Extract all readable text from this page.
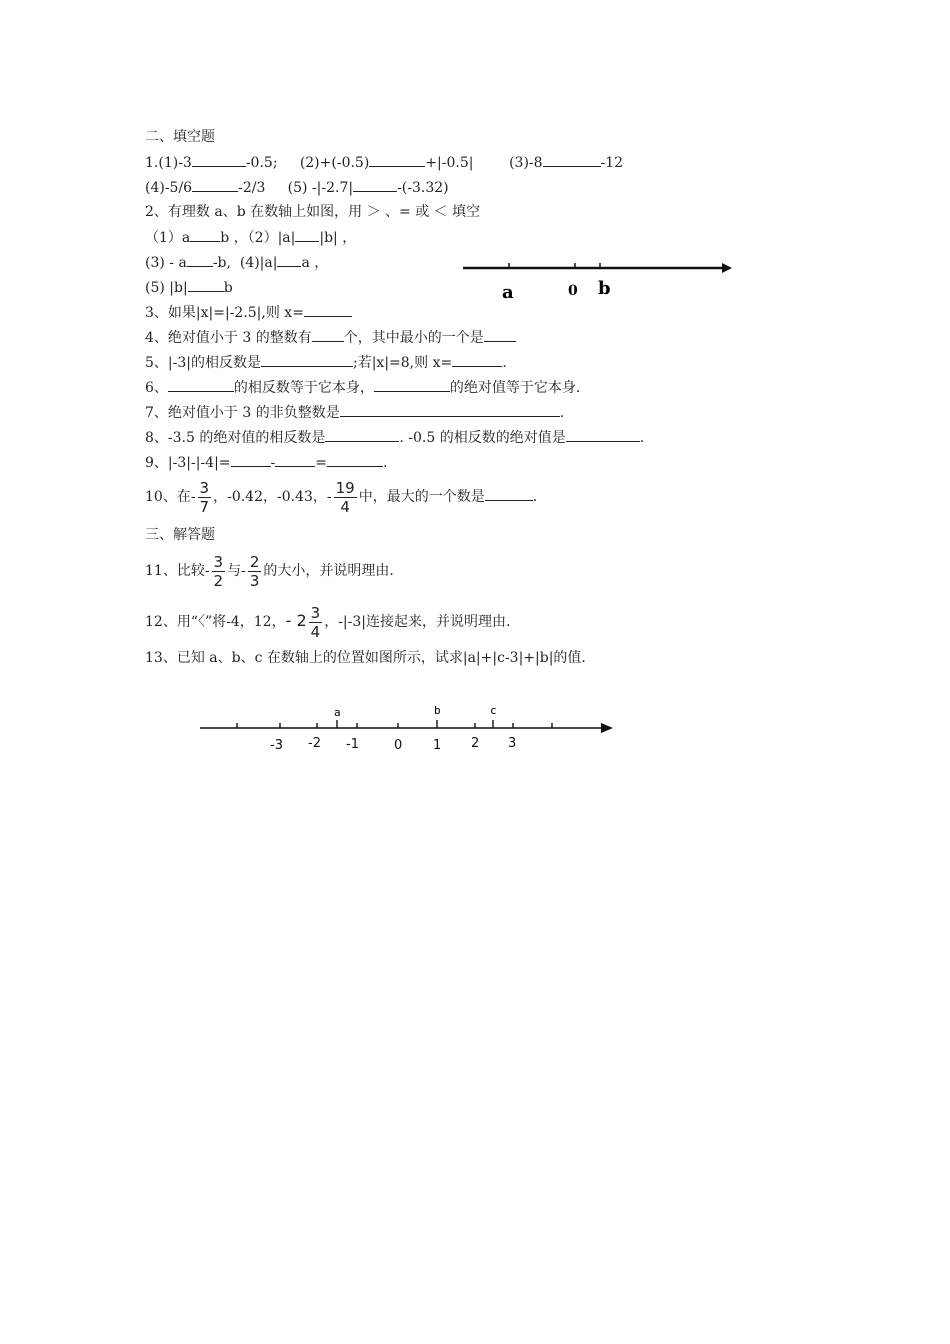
二、填空题
1.(1)-3	-0.5; (2)+(-0.5)	+|-0.5|	(3)-8	-12
(4)-5/6	-2/3 (5) -|-2.7|	-(-3.32)
2、有理数 a、b 在数轴上如图，用 ＞ 、= 或 ＜ 填空
（1）a b ，（2）|a| |b| ，
(3) - a -b,  (4)|a| a ，
(5) |b|	b	a	0 b
3、如果|x|=|-2.5|,则 x=
4、绝对值小于 3 的整数有 个，其中最小的一个是
5、|-3|的相反数是	;若|x|=8,则 x=	.
6、	的相反数等于它本身，	的绝对值等于它本身.
7、绝对值小于 3 的非负整数是	.
8、-3.5 的绝对值的相反数是	. -0.5 的相反数的绝对值是	.
9、|-3|-|-4|=	-	=	.
10、在- $\frac{3}{7}$ ，-0.42，-0.43，- $\frac{19}{4}$ 中，最大的一个数是	.
三、解答题
11、比较- $\frac{3}{2}$ 与- $\frac{2}{3}$ 的大小，并说明理由.
12、用“〈”将-4，12，- $2 \frac{3}{4}$ ，-|-3|连接起来，并说明理由.
13、已知 a、b、c 在数轴上的位置如图所示，试求|a|+|c-3|+|b|的值.
a	b	c
-3 -2 -1	0 1 2 3
